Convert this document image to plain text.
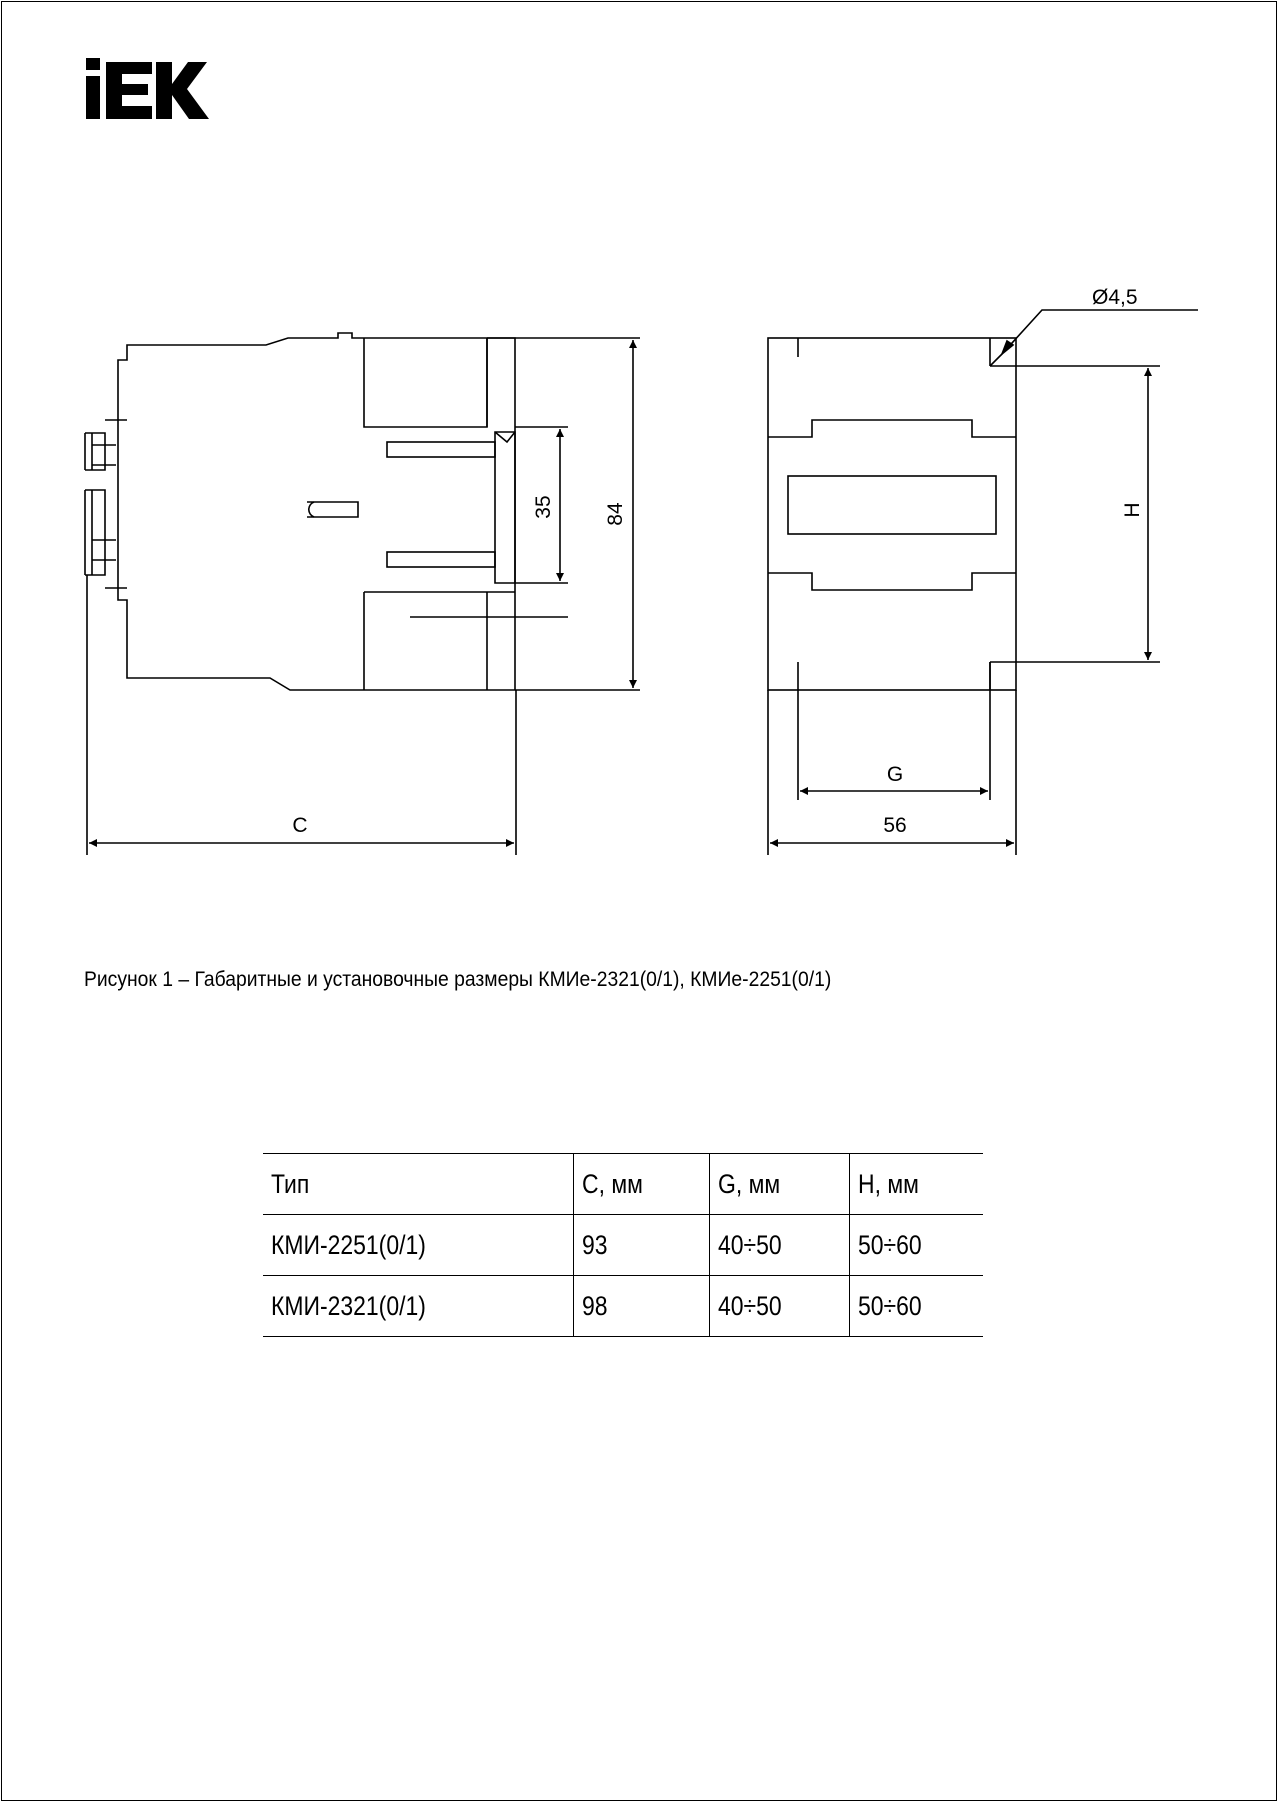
Ø4,5
35 84
C
H
G
56
Рисунок 1 – Габаритные и установочные размеры КМИе-2321(0/1), КМИе-2251(0/1)
Тип	C, мм	G, мм	H, мм
КМИ-2251(0/1)	93	40÷50	50÷60
КМИ-2321(0/1)	98	40÷50	50÷60
